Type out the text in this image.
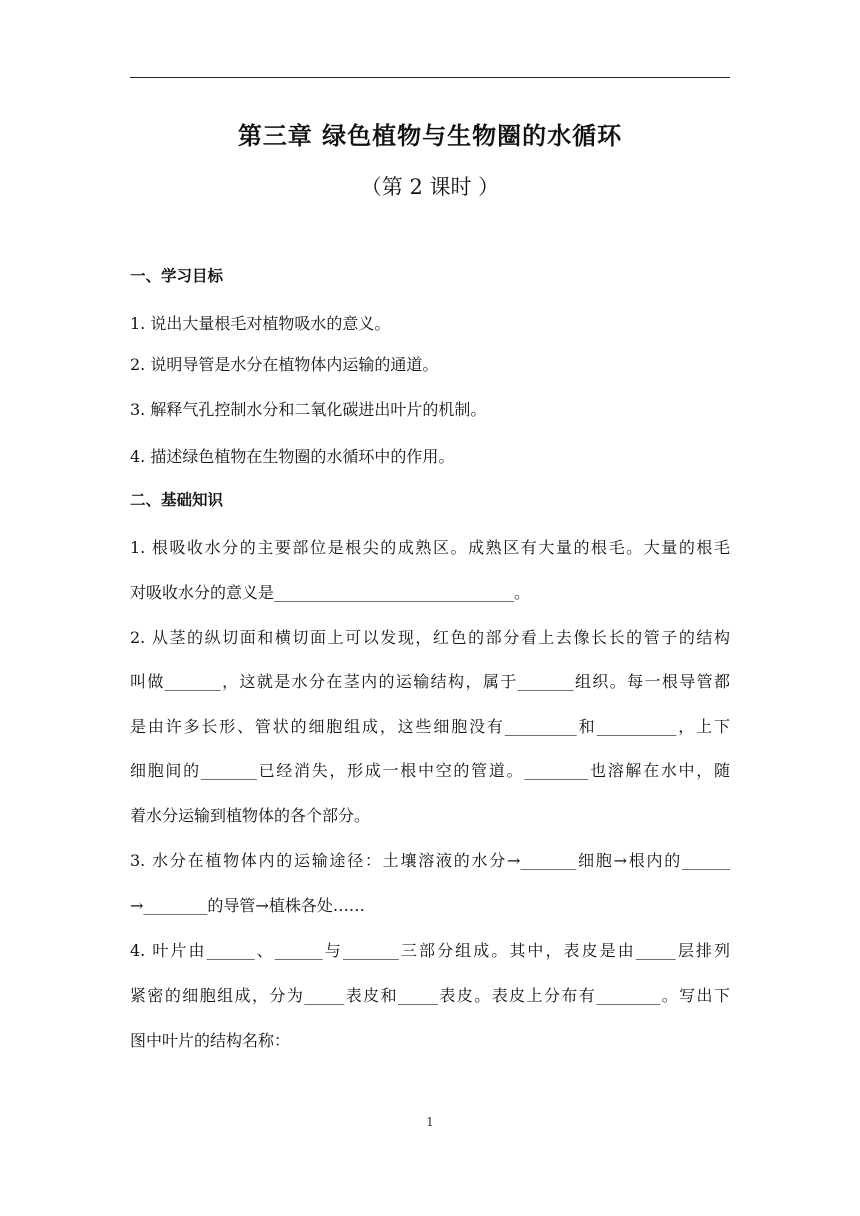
第三章 绿色植物与生物圈的水循环
（第 2 课时 ）
一、学习目标
1. 说出大量根毛对植物吸水的意义。
2. 说明导管是水分在植物体内运输的通道。
3. 解释气孔控制水分和二氧化碳进出叶片的机制。
4. 描述绿色植物在生物圈的水循环中的作用。
二、基础知识
1. 根吸收水分的主要部位是根尖的成熟区。成熟区有大量的根毛。大量的根毛
对吸收水分的意义是______________________________。
2. 从茎的纵切面和横切面上可以发现，红色的部分看上去像长长的管子的结构
叫做_______，这就是水分在茎内的运输结构，属于_______组织。每一根导管都
是由许多长形、管状的细胞组成，这些细胞没有_________和__________，上下
细胞间的_______已经消失，形成一根中空的管道。________也溶解在水中，随
着水分运输到植物体的各个部分。
3. 水分在植物体内的运输途径：土壤溶液的水分→_______细胞→根内的______
→________的导管→植株各处……
4. 叶片由______、______与_______三部分组成。其中，表皮是由_____层排列
紧密的细胞组成，分为_____表皮和_____表皮。表皮上分布有________。写出下
图中叶片的结构名称：
1
